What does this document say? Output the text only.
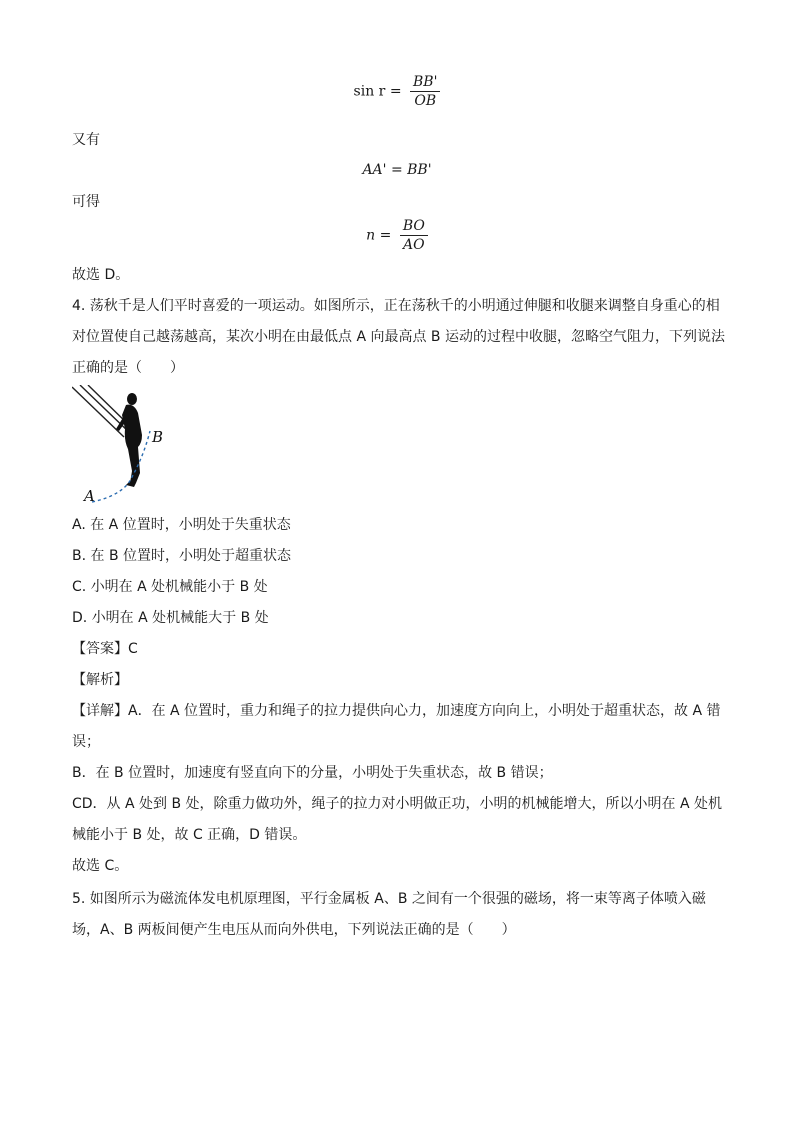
$\sin r = \frac{BB'}{OB}$
又有
AA' = BB'
可得
$n = \frac{BO}{AO}$
故选 D。
4. 荡秋千是人们平时喜爱的一项运动。如图所示，正在荡秋千的小明通过伸腿和收腿来调整自身重心的相
对位置使自己越荡越高，某次小明在由最低点 A 向最高点 B 运动的过程中收腿，忽略空气阻力，下列说法
正确的是（　　）
B
A
A. 在 A 位置时，小明处于失重状态
B. 在 B 位置时，小明处于超重状态
C. 小明在 A 处机械能小于 B 处
D. 小明在 A 处机械能大于 B 处
【答案】C
【解析】
【详解】A．在 A 位置时，重力和绳子的拉力提供向心力，加速度方向向上，小明处于超重状态，故 A 错
误；
B．在 B 位置时，加速度有竖直向下的分量，小明处于失重状态，故 B 错误；
CD．从 A 处到 B 处，除重力做功外，绳子的拉力对小明做正功，小明的机械能增大，所以小明在 A 处机
械能小于 B 处，故 C 正确，D 错误。
故选 C。
5. 如图所示为磁流体发电机原理图，平行金属板 A、B 之间有一个很强的磁场，将一束等离子体喷入磁
场，A、B 两板间便产生电压从而向外供电，下列说法正确的是（　　）
